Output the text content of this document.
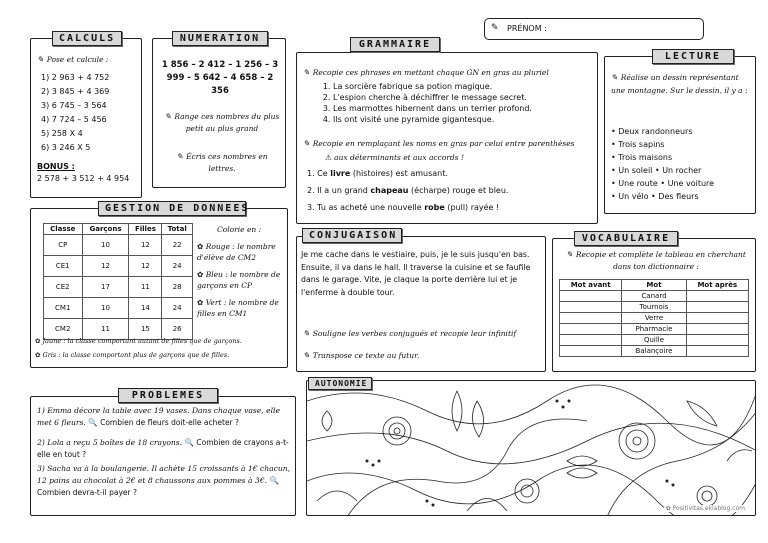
✎ PRÉNOM :
✎ Pose et calcule :
1) 2 963 + 4 752
2) 3 845 + 4 369
3) 6 745 – 3 564
4) 7 724 – 5 456
5) 258 X 4
6) 3 246 X 5
BONUS :
2 578 + 3 512 + 4 954
CALCULS
1 856 – 2 412 – 1 256 – 3 999 - 5 642 – 4 658 – 2 356
✎ Range ces nombres du plus petit au plus grand
✎ Écris ces nombres en lettres.
NUMERATION
✎ Recopie ces phrases en mettant chaque GN en gras au pluriel
1. La sorcière fabrique sa potion magique.
2. L'espion cherche à déchiffrer le message secret.
3. Les marmottes hibernent dans un terrier profond.
4. Ils ont visité une pyramide gigantesque.
✎ Recopie en remplaçant les noms en gras par celui entre parenthèses
⚠ aux déterminants et aux accords !
1. Ce livre (histoires) est amusant.
2. Il a un grand chapeau (écharpe) rouge et bleu.
3. Tu as acheté une nouvelle robe (pull) rayée !
GRAMMAIRE
✎ Réalise un dessin représentant une montagne. Sur le dessin, il y a :
• Deux randonneurs
• Trois sapins
• Trois maisons
• Un soleil • Un rocher
• Une route • Une voiture
• Un vélo • Des fleurs
LECTURE
Classe	Garçons	Filles	Total
CP	10	12	22
CE1	12	12	24
CE2	17	11	28
CM1	10	14	24
CM2	11	15	26
Colorie en :
✿ Rouge : le nombre d'élève de CM2
✿ Bleu : le nombre de garçons en CP
✿ Vert : le nombre de filles en CM1
✿ Jaune : la classe comportant autant de filles que de garçons.
✿ Gris : la classe comportant plus de garçons que de filles.
GESTION DE DONNEES
Je me cache dans le vestiaire, puis, je le suis jusqu'en bas. Ensuite, il va dans le hall. Il traverse la cuisine et se faufile dans le garage. Vite, je claque la porte derrière lui et je l'enferme à double tour.
✎ Souligne les verbes conjugués et recopie leur infinitif
✎ Transpose ce texte au futur.
CONJUGAISON
✎ Recopie et complète le tableau en cherchant dans ton dictionnaire :
Mot avant	Mot	Mot après
	Canard	
	Tournois	
	Verre	
	Pharmacie	
	Quille	
	Balançoire	
VOCABULAIRE
1) Emma décore la table avec 19 vases. Dans chaque vase, elle met 6 fleurs. 🔍 Combien de fleurs doit-elle acheter ?
2) Lola a reçu 5 boîtes de 18 crayons. 🔍 Combien de crayons a-t-elle en tout ?
3) Sacha va à la boulangerie. Il achète 15 croissants à 1€ chacun, 12 pains au chocolat à 2€ et 8 chaussons aux pommes à 3€. 🔍 Combien devra-t-il payer ?
PROBLEMES
✿ Positivitas.eklablog.com
AUTONOMIE
